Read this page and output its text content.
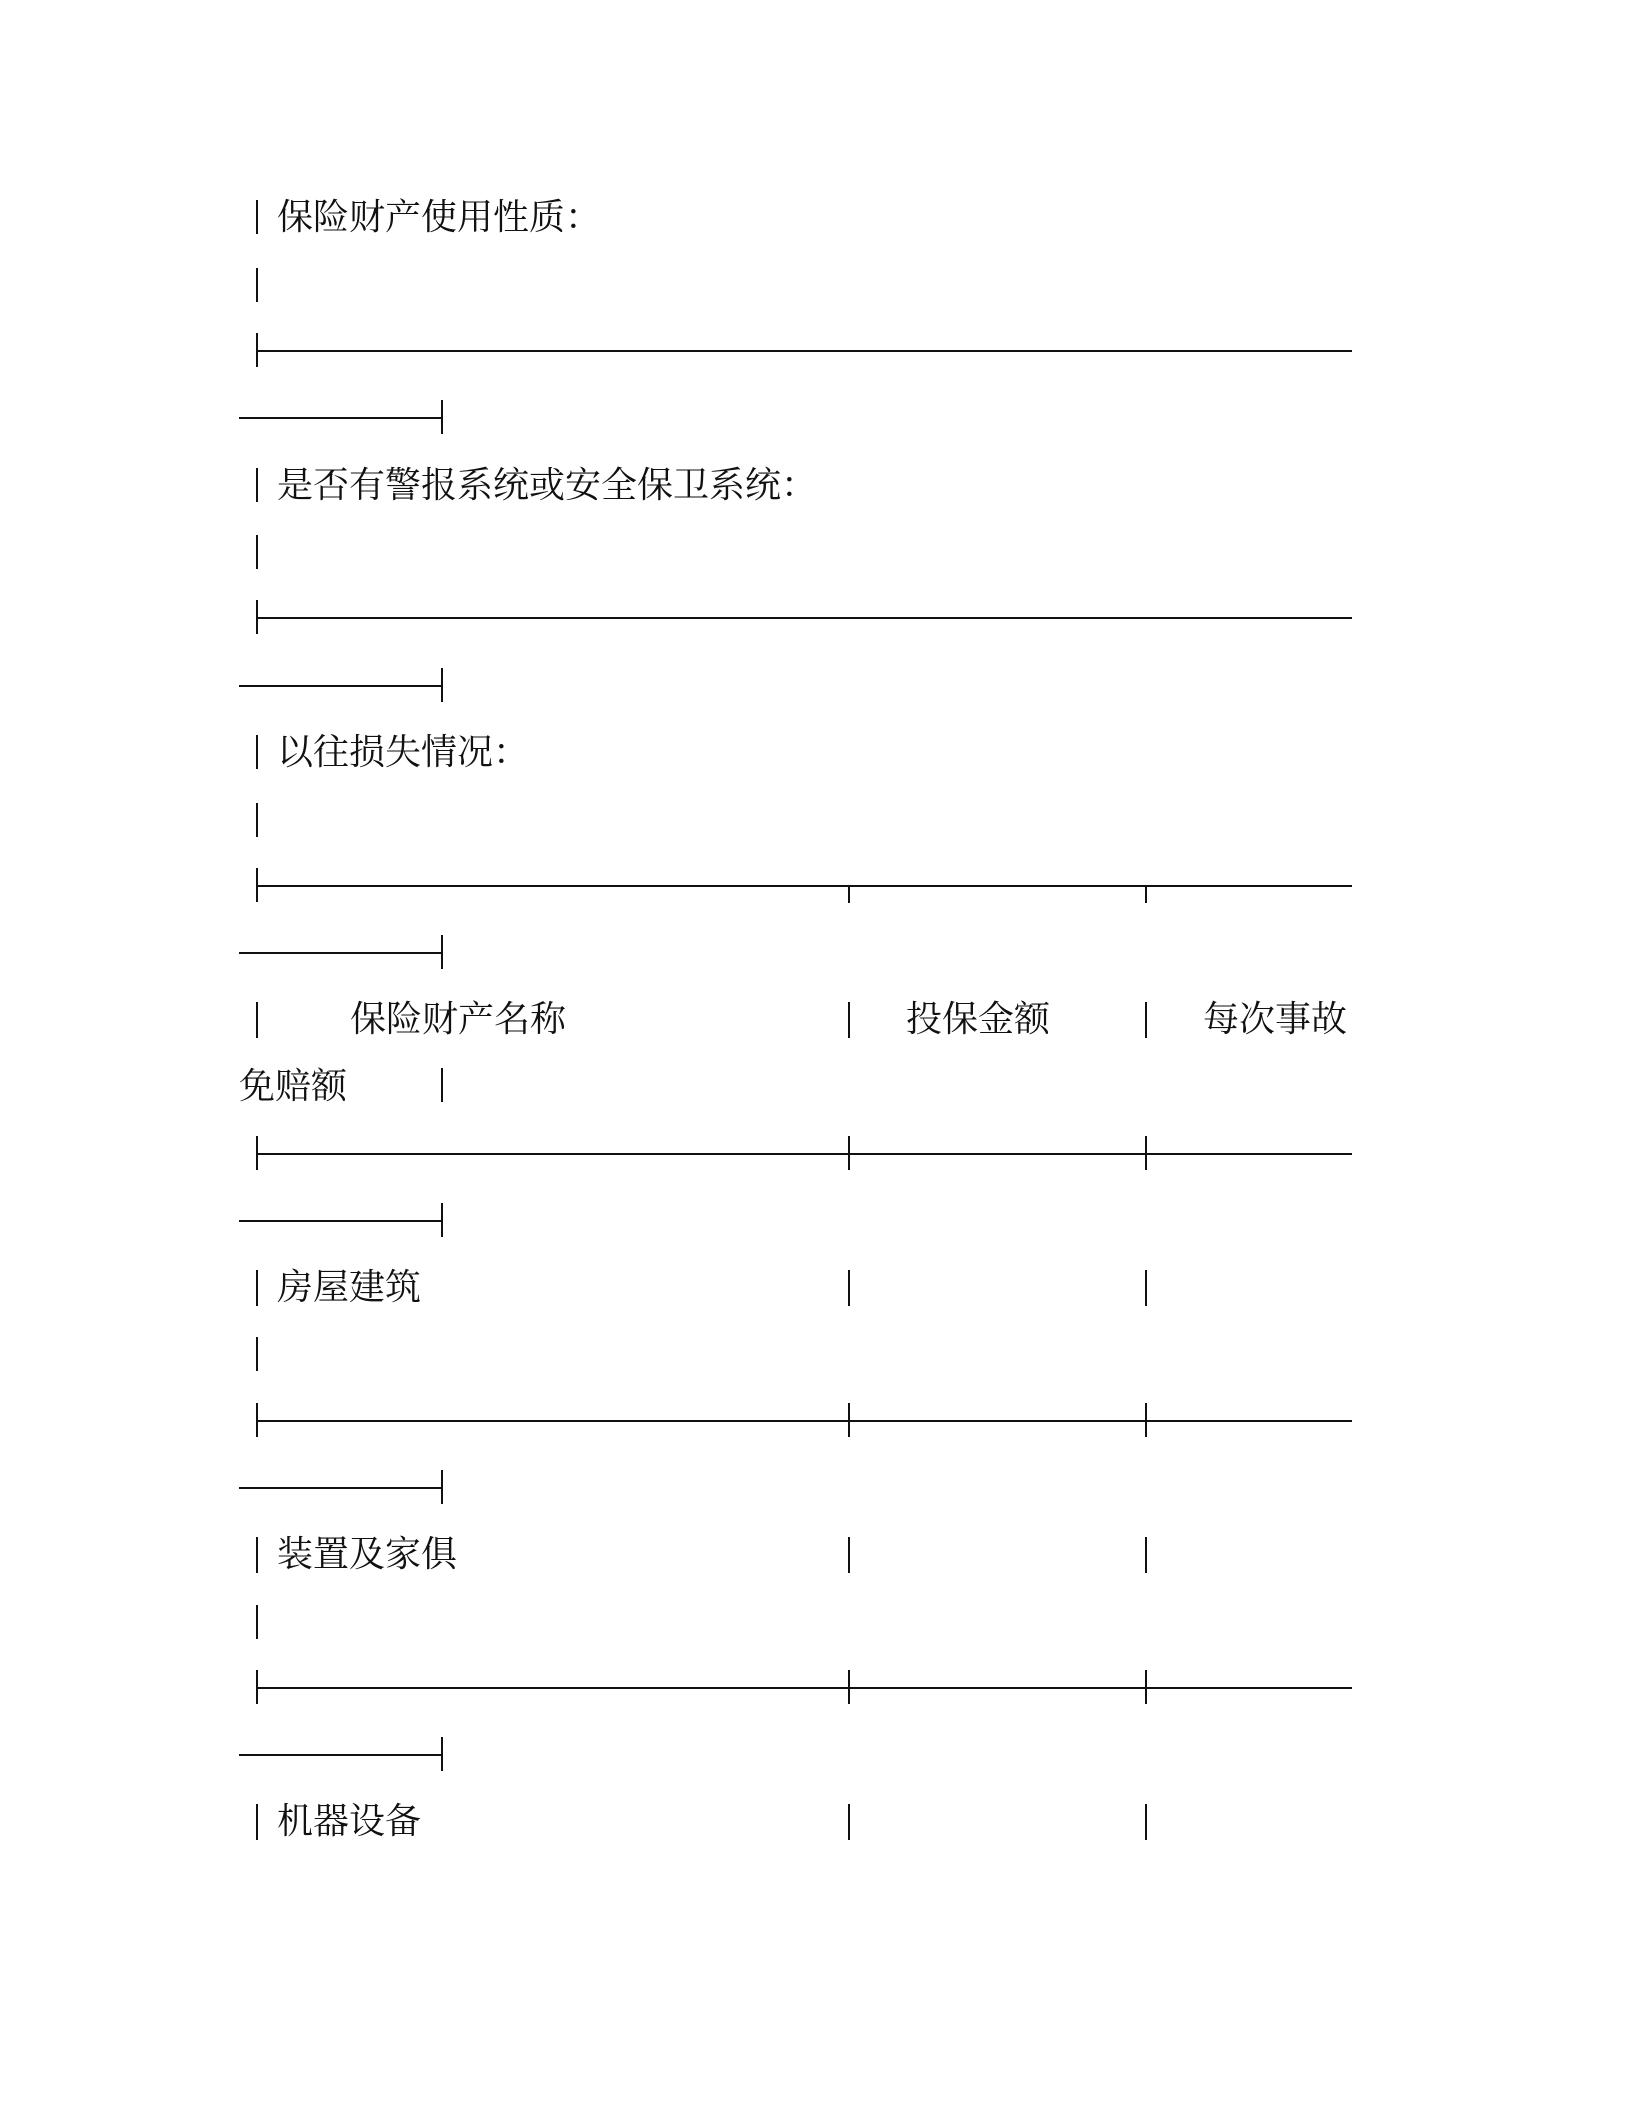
保险财产使用性质：
是否有警报系统或安全保卫系统：
以往损失情况：
保险财产名称	投保金额	每次事故
免赔额
房屋建筑
装置及家俱
机器设备
